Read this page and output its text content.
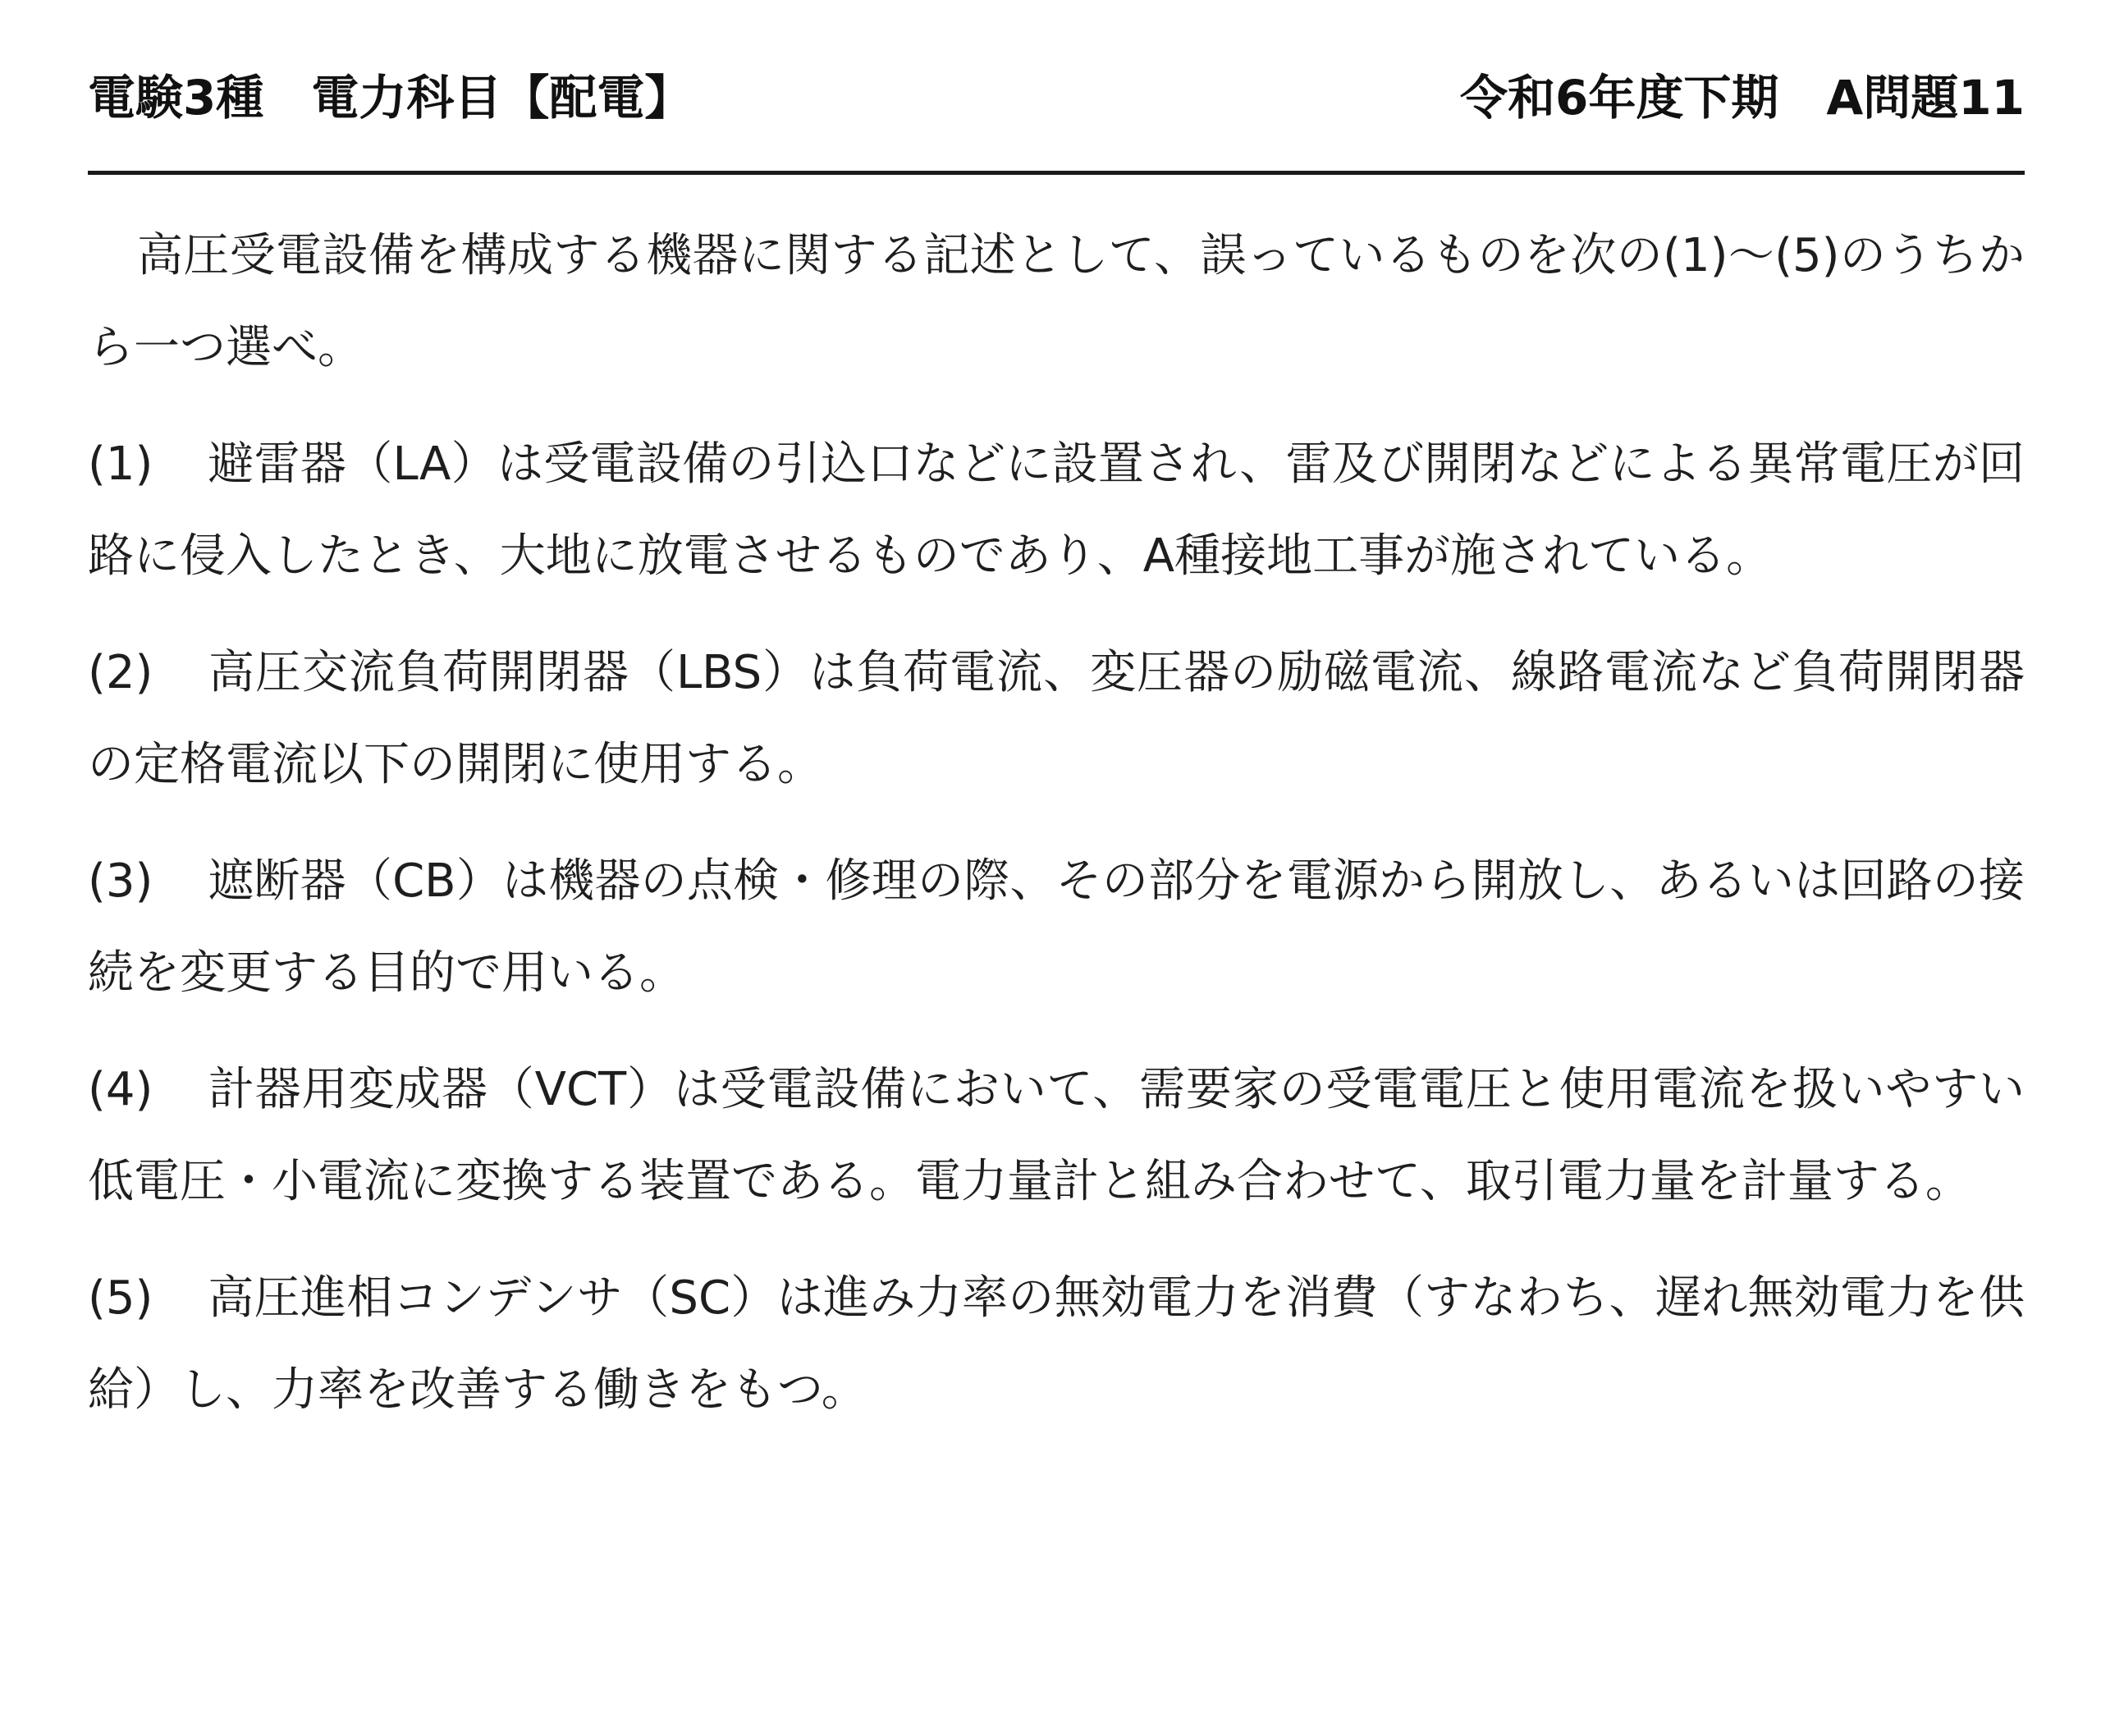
電験3種　電力科目【配電】	令和6年度下期　A問題11

高圧受電設備を構成する機器に関する記述として、誤っているものを次の(1)〜(5)のうちから一つ選べ。

(1) 避雷器（LA）は受電設備の引込口などに設置され、雷及び開閉などによる異常電圧が回路に侵入したとき、大地に放電させるものであり、A種接地工事が施されている。

(2) 高圧交流負荷開閉器（LBS）は負荷電流、変圧器の励磁電流、線路電流など負荷開閉器の定格電流以下の開閉に使用する。

(3) 遮断器（CB）は機器の点検・修理の際、その部分を電源から開放し、あるいは回路の接続を変更する目的で用いる。

(4) 計器用変成器（VCT）は受電設備において、需要家の受電電圧と使用電流を扱いやすい低電圧・小電流に変換する装置である。電力量計と組み合わせて、取引電力量を計量する。

(5) 高圧進相コンデンサ（SC）は進み力率の無効電力を消費（すなわち、遅れ無効電力を供給）し、力率を改善する働きをもつ。
